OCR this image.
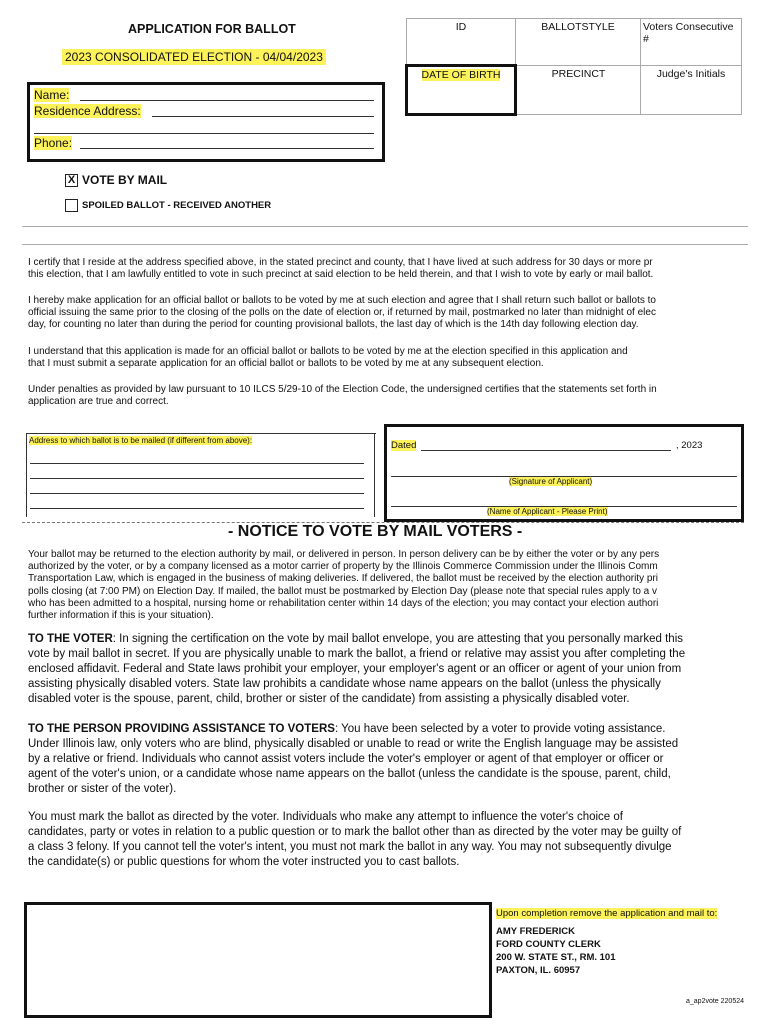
APPLICATION FOR BALLOT
2023 CONSOLIDATED ELECTION - 04/04/2023
ID	BALLOTSTYLE	Voters Consecutive #
DATE OF BIRTH	PRECINCT	Judge's Initials
Name:
Residence Address:
Phone:
X VOTE BY MAIL
SPOILED BALLOT - RECEIVED ANOTHER
I certify that I reside at the address specified above, in the stated precinct and county, that I have lived at such address for 30 days or more pr
this election, that I am lawfully entitled to vote in such precinct at said election to be held therein, and that I wish to vote by early or mail ballot.
I hereby make application for an official ballot or ballots to be voted by me at such election and agree that I shall return such ballot or ballots to
official issuing the same prior to the closing of the polls on the date of election or, if returned by mail, postmarked no later than midnight of elec
day, for counting no later than during the period for counting provisional ballots, the last day of which is the 14th day following election day.
I understand that this application is made for an official ballot or ballots to be voted by me at the election specified in this application and
that I must submit a separate application for an official ballot or ballots to be voted by me at any subsequent election.
Under penalties as provided by law pursuant to 10 ILCS 5/29-10 of the Election Code, the undersigned certifies that the statements set forth in
application are true and correct.
Address to which ballot is to be mailed (if different from above):	Dated	, 2023
(Signature of Applicant)
(Name of Applicant - Please Print)
- NOTICE TO VOTE BY MAIL VOTERS -
Your ballot may be returned to the election authority by mail, or delivered in person. In person delivery can be by either the voter or by any pers
authorized by the voter, or by a company licensed as a motor carrier of property by the Illinois Commerce Commission under the Illinois Comm
Transportation Law, which is engaged in the business of making deliveries. If delivered, the ballot must be received by the election authority pri
polls closing (at 7:00 PM) on Election Day. If mailed, the ballot must be postmarked by Election Day (please note that special rules apply to a v
who has been admitted to a hospital, nursing home or rehabilitation center within 14 days of the election; you may contact your election authori
further information if this is your situation).
TO THE VOTER: In signing the certification on the vote by mail ballot envelope, you are attesting that you personally marked this
vote by mail ballot in secret. If you are physically unable to mark the ballot, a friend or relative may assist you after completing the
enclosed affidavit. Federal and State laws prohibit your employer, your employer's agent or an officer or agent of your union from
assisting physically disabled voters. State law prohibits a candidate whose name appears on the ballot (unless the physically
disabled voter is the spouse, parent, child, brother or sister of the candidate) from assisting a physically disabled voter.
TO THE PERSON PROVIDING ASSISTANCE TO VOTERS: You have been selected by a voter to provide voting assistance.
Under Illinois law, only voters who are blind, physically disabled or unable to read or write the English language may be assisted
by a relative or friend. Individuals who cannot assist voters include the voter's employer or agent of that employer or officer or
agent of the voter's union, or a candidate whose name appears on the ballot (unless the candidate is the spouse, parent, child,
brother or sister of the voter).
You must mark the ballot as directed by the voter. Individuals who make any attempt to influence the voter's choice of
candidates, party or votes in relation to a public question or to mark the ballot other than as directed by the voter may be guilty of
a class 3 felony. If you cannot tell the voter's intent, you must not mark the ballot in any way. You may not subsequently divulge
the candidate(s) or public questions for whom the voter instructed you to cast ballots.
Upon completion remove the application and mail to:
AMY FREDERICK
FORD COUNTY CLERK
200 W. STATE ST., RM. 101
PAXTON, IL. 60957
a_ap2vote 220524
